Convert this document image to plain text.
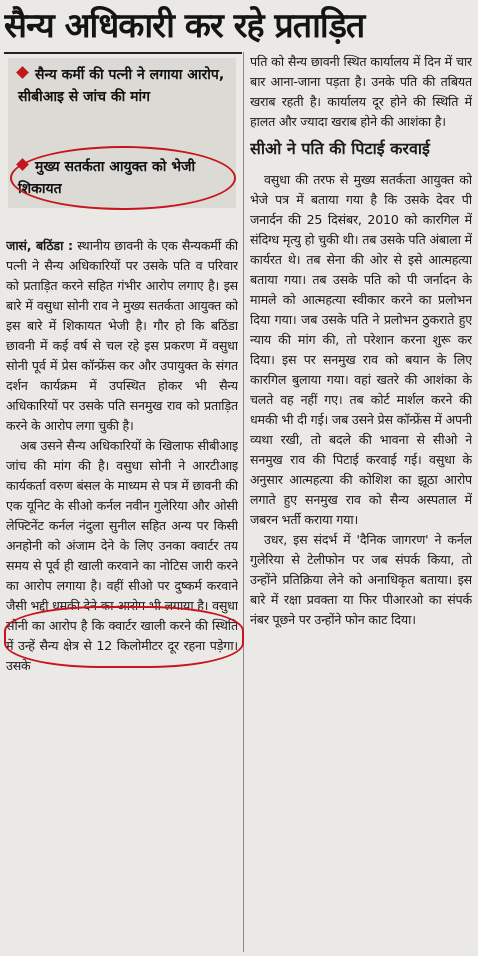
सैन्य अधिकारी कर रहे प्रताड़ित
सैन्य कर्मी की पत्नी ने लगाया आरोप, सीबीआइ से जांच की मांग
मुख्य सतर्कता आयुक्त को भेजी शिकायत

जासं, बठिंडा : स्थानीय छावनी के एक सैन्यकर्मी की पत्नी ने सैन्य अधिकारियों पर उसके पति व परिवार को प्रताड़ित करने सहित गंभीर आरोप लगाए है। इस बारे में वसुधा सोनी राव ने मुख्य सतर्कता आयुक्त को इस बारे में शिकायत भेजी है। गौर हो कि बठिंडा छावनी में कई वर्ष से चल रहे इस प्रकरण में वसुधा सोनी पूर्व में प्रेस कॉन्फ्रेंस कर और उपायुक्त के संगत दर्शन कार्यक्रम में उपस्थित होकर भी सैन्य अधिकारियों पर उसके पति सनमुख राव को प्रताड़ित करने के आरोप लगा चुकी है।

अब उसने सैन्य अधिकारियों के खिलाफ सीबीआइ जांच की मांग की है। वसुधा सोनी ने आरटीआइ कार्यकर्ता वरुण बंसल के माध्यम से पत्र में छावनी की एक यूनिट के सीओ कर्नल नवीन गुलेरिया और ओसी लेफ्टिनेंट कर्नल नंदुला सुनील सहित अन्य पर किसी अनहोनी को अंजाम देने के लिए उनका क्वार्टर तय समय से पूर्व ही खाली करवाने का नोटिस जारी करने का आरोप लगाया है। वहीं सीओ पर दुष्कर्म करवाने जैसी भद्दी धमकी देने का आरोप भी लगाया है। वसुधा सोनी का आरोप है कि क्वार्टर खाली करने की स्थिति में उन्हें सैन्य क्षेत्र से 12 किलोमीटर दूर रहना पड़ेगा। उसके

पति को सैन्य छावनी स्थित कार्यालय में दिन में चार बार आना-जाना पड़ता है। उनके पति की तबियत खराब रहती है। कार्यालय दूर होने की स्थिति में हालत और ज्यादा खराब होने की आशंका है।

सीओ ने पति की पिटाई करवाई

वसुधा की तरफ से मुख्य सतर्कता आयुक्त को भेजे पत्र में बताया गया है कि उसके देवर पी जनार्दन की 25 दिसंबर, 2010 को कारगिल में संदिग्ध मृत्यु हो चुकी थी। तब उसके पति अंबाला में कार्यरत थे। तब सेना की ओर से इसे आत्महत्या बताया गया। तब उसके पति को पी जर्नादन के मामले को आत्महत्या स्वीकार करने का प्रलोभन दिया गया। जब उसके पति ने प्रलोभन ठुकराते हुए न्याय की मांग की, तो परेशान करना शुरू कर दिया। इस पर सनमुख राव को बयान के लिए कारगिल बुलाया गया। वहां खतरे की आशंका के चलते वह नहीं गए। तब कोर्ट मार्शल करने की धमकी भी दी गई। जब उसने प्रेस कॉन्फ्रेंस में अपनी व्यथा रखी, तो बदले की भावना से सीओ ने सनमुख राव की पिटाई करवाई गई। वसुधा के अनुसार आत्महत्या की कोशिश का झूठा आरोप लगाते हुए सनमुख राव को सैन्य अस्पताल में जबरन भर्ती कराया गया।

उधर, इस संदर्भ में 'दैनिक जागरण' ने कर्नल गुलेरिया से टेलीफोन पर जब संपर्क किया, तो उन्होंने प्रतिक्रिया लेने को अनाधिकृत बताया। इस बारे में रक्षा प्रवक्ता या फिर पीआरओ का संपर्क नंबर पूछने पर उन्होंने फोन काट दिया।
